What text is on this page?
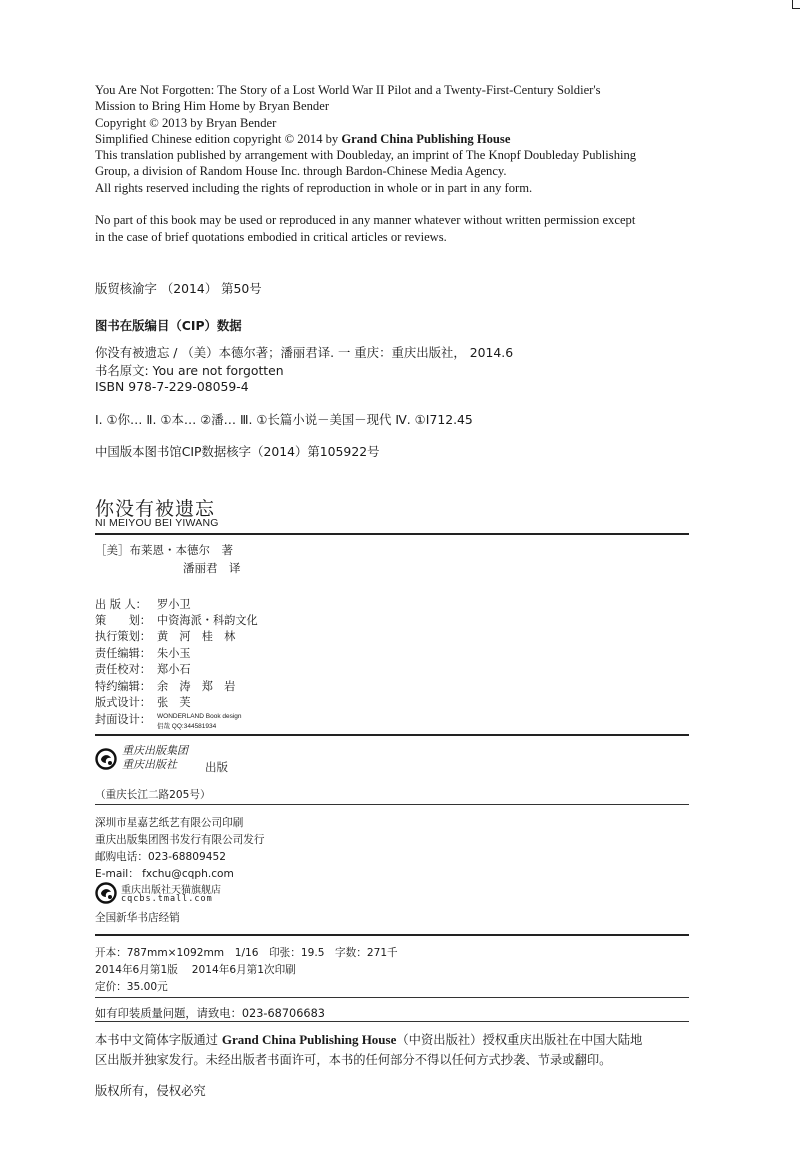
You Are Not Forgotten: The Story of a Lost World War II Pilot and a Twenty-First-Century Soldier's
Mission to Bring Him Home by Bryan Bender
Copyright © 2013 by Bryan Bender
Simplified Chinese edition copyright © 2014 by Grand China Publishing House
This translation published by arrangement with Doubleday, an imprint of The Knopf Doubleday Publishing
Group, a division of Random House Inc. through Bardon-Chinese Media Agency.
All rights reserved including the rights of reproduction in whole or in part in any form.
No part of this book may be used or reproduced in any manner whatever without written permission except
in the case of brief quotations embodied in critical articles or reviews.
版贸核渝字 （2014） 第50号
图书在版编目（CIP）数据
你没有被遗忘 / （美）本德尔著；潘丽君译. 一 重庆：重庆出版社， 2014.6
书名原文: You are not forgotten
ISBN 978-7-229-08059-4
Ⅰ. ①你… Ⅱ. ①本… ②潘… Ⅲ. ①长篇小说－美国－现代 Ⅳ. ①I712.45
中国版本图书馆CIP数据核字（2014）第105922号
你没有被遗忘
NI MEIYOU BEI YIWANG
［美］布莱恩・本德尔　著
潘丽君　译
出 版 人： 罗小卫
策　　划： 中资海派・科韵文化
执行策划： 黄　河　桂　林
责任编辑： 朱小玉
责任校对： 郑小石
特约编辑： 余　涛　郑　岩
版式设计： 张　芙
封面设计： WONDERLAND Book design
侣哉 QQ:344581934
重庆出版集团
重庆出版社	出版
（重庆长江二路205号）
深圳市星嘉艺纸艺有限公司印刷
重庆出版集团图书发行有限公司发行
邮购电话：023-68809452
E-mail： fxchu@cqph.com
重庆出版社天猫旗舰店
cqcbs.tmall.com
全国新华书店经销
开本：787mm×1092mm　1/16　印张：19.5　字数：271千
2014年6月第1版　 2014年6月第1次印刷
定价：35.00元
如有印装质量问题，请致电：023-68706683
本书中文简体字版通过 Grand China Publishing House（中资出版社）授权重庆出版社在中国大陆地
区出版并独家发行。未经出版者书面许可，本书的任何部分不得以任何方式抄袭、节录或翻印。
版权所有，侵权必究
